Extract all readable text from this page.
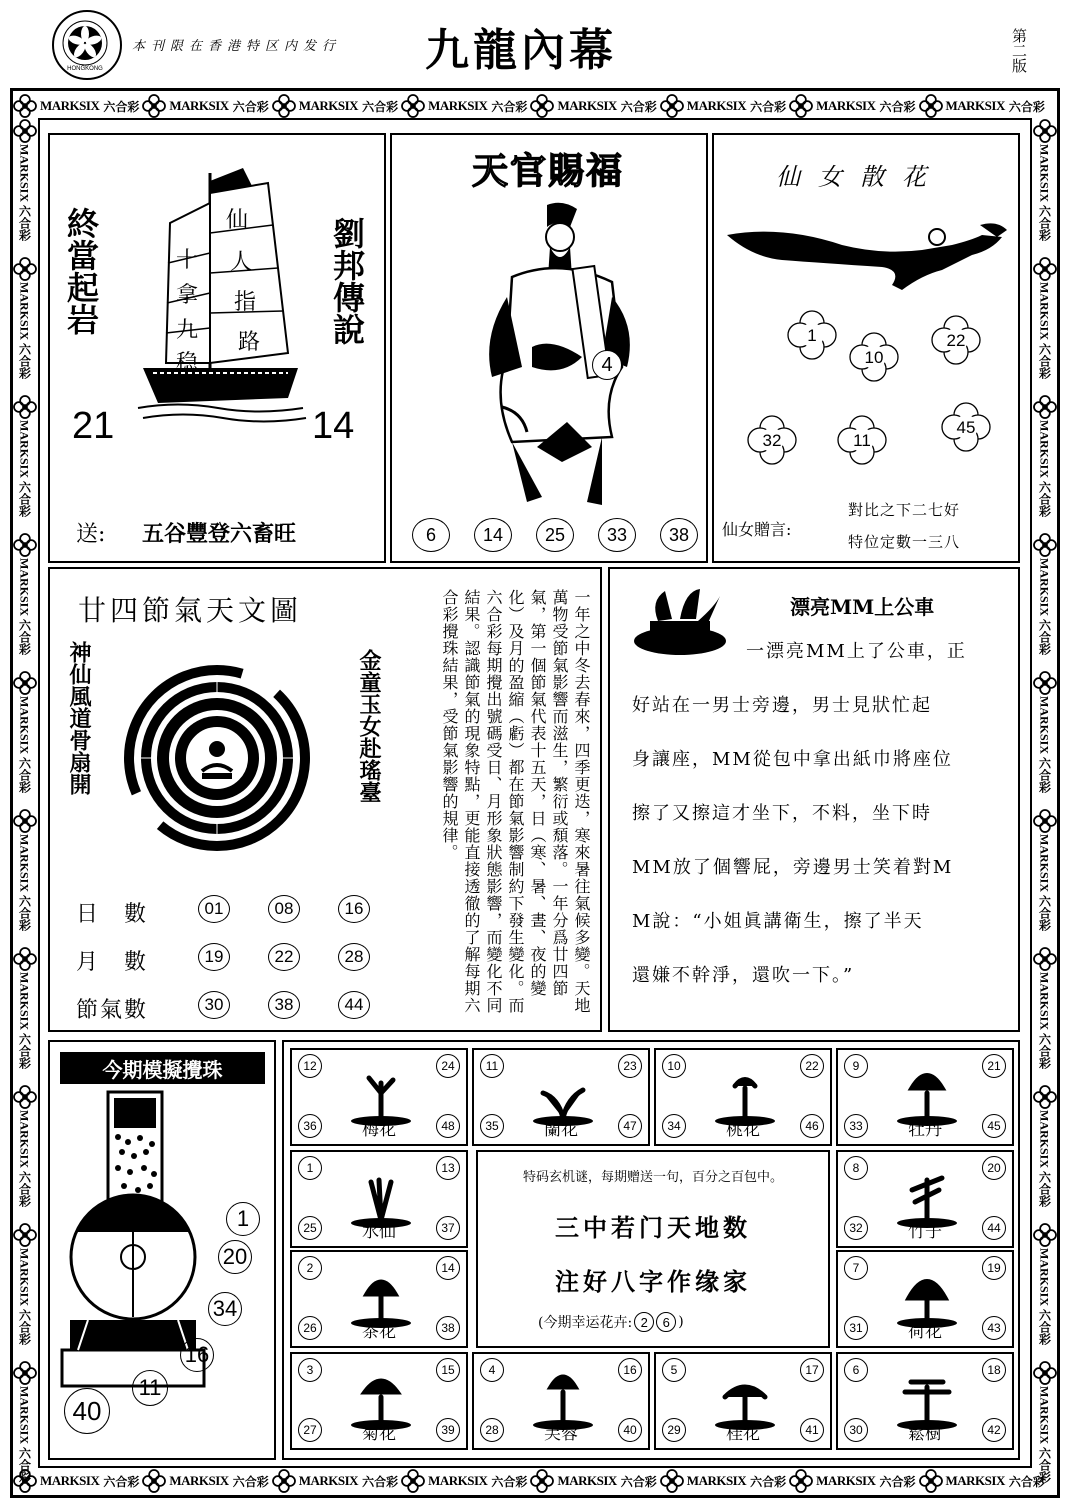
HONGKONG
本刊限在香港特区内发行	九龍內幕	第二版
MARKSIX 六合彩 MARKSIX 六合彩 MARKSIX 六合彩 MARKSIX 六合彩 MARKSIX 六合彩 MARKSIX 六合彩 MARKSIX 六合彩 MARKSIX 六合彩
MARKSIX 六合彩 MARKSIX 六合彩 MARKSIX 六合彩 MARKSIX 六合彩 MARKSIX 六合彩 MARKSIX 六合彩 MARKSIX 六合彩 MARKSIX 六合彩
MARKSIX 六合彩
MARKSIX 六合彩
MARKSIX 六合彩
MARKSIX 六合彩
MARKSIX 六合彩
MARKSIX 六合彩
MARKSIX 六合彩
MARKSIX 六合彩
MARKSIX 六合彩
MARKSIX 六合彩
MARKSIX 六合彩
MARKSIX 六合彩
MARKSIX 六合彩
MARKSIX 六合彩
MARKSIX 六合彩
MARKSIX 六合彩
MARKSIX 六合彩
MARKSIX 六合彩
MARKSIX 六合彩
MARKSIX 六合彩
終當起岩	劉邦傳說
十
拿
九
稳
仙
人
指
路
21	14
送: 五谷豐登六畜旺
天官賜福
4
6	14	25	33	38
仙女散花
1
10
22
32	11
45
仙女贈言:
對比之下二七好
特位定數一三八
廿四節氣天文圖
神仙風道骨扇開	金童玉女赴瑤臺	一年之中冬去春來，四季更迭，寒來暑往氣候多變。天地萬物受節氣影響而滋生，繁衍或頹落。一年分爲廿四節氣，第一個節氣代表十五天，日（寒、暑、晝、夜的變化）及月的盈縮（虧）都在節氣影響制約下發生變化。而六合彩每期攪出號碼受日、月形象狀態影響，而變化不同結果。認識節氣的現象特點，更能直接透徹的了解每期六合彩攪珠結果，受節氣影響的規律。
日　數	01	08	16
月　數	19	22	28
節氣數	30	38	44
漂亮MM上公車
一漂亮MM上了公車，正
好站在一男士旁邊，男士見狀忙起
身讓座，MM從包中拿出紙巾將座位
擦了又擦這才坐下，不料，坐下時
MM放了個響屁，旁邊男士笑着對M
M說：“小姐眞講衛生，擦了半天
還嫌不幹淨，還吹一下。”
今期模擬攪珠
六合彩 · 攪珠機
1
20
34
16
11
40
12	24
36	48
梅花
11	23
35	47
蘭花
10	22
34	46
桃花
9	21
33	45
牡丹
1	13
25	37
水仙
8	20
32	44
竹子
2	14
26	38
茶花
7	19
31	43
荷花
3	15
27	39
菊花
4	16
28	40
芙蓉
5	17
29	41
桂花
6	18
30	42
鬆樹
特码玄机谜，每期赠送一句，百分之百包中。
三中若门天地数
注好八字作缘家
(今期幸运花卉: 2	6 )
